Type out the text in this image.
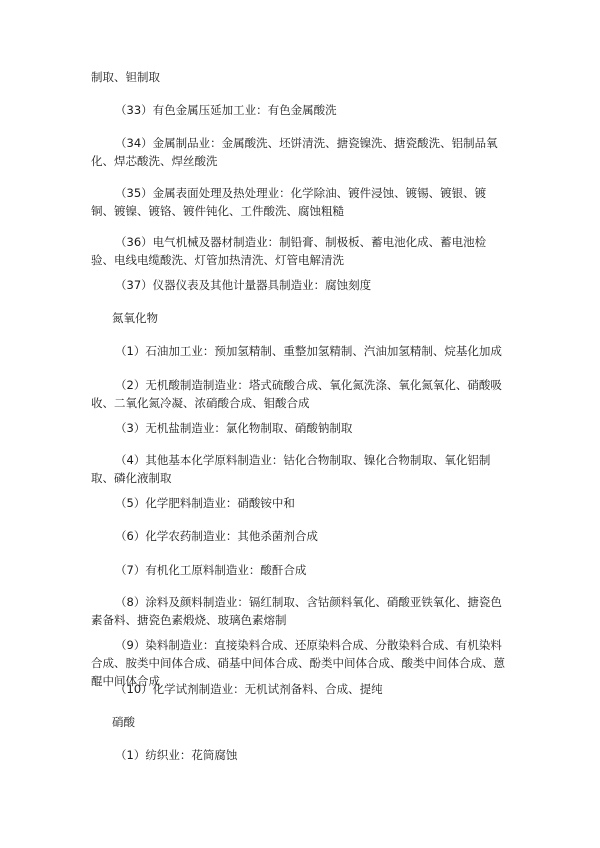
制取、钽制取
（33）有色金属压延加工业：有色金属酸洗
（34）金属制品业：金属酸洗、坯饼清洗、搪瓷镍洗、搪瓷酸洗、铝制品氧化、焊芯酸洗、焊丝酸洗
（35）金属表面处理及热处理业：化学除油、镀件浸蚀、镀锡、镀银、镀铜、镀镍、镀铬、镀件钝化、工件酸洗、腐蚀粗糙
（36）电气机械及器材制造业：制铅膏、制极板、蓄电池化成、蓄电池检验、电线电缆酸洗、灯管加热清洗、灯管电解清洗
（37）仪器仪表及其他计量器具制造业：腐蚀刻度
氮氧化物
（1）石油加工业：预加氢精制、重整加氢精制、汽油加氢精制、烷基化加成
（2）无机酸制造制造业：塔式硫酸合成、氧化氮洗涤、氧化氮氧化、硝酸吸收、二氧化氮冷凝、浓硝酸合成、钼酸合成
（3）无机盐制造业：氯化物制取、硝酸钠制取
（4）其他基本化学原料制造业：钴化合物制取、镍化合物制取、氧化铝制取、磷化液制取
（5）化学肥料制造业：硝酸铵中和
（6）化学农药制造业：其他杀菌剂合成
（7）有机化工原料制造业：酸酐合成
（8）涂料及颜料制造业：镉红制取、含钴颜料氧化、硝酸亚铁氧化、搪瓷色素备料、搪瓷色素煅烧、玻璃色素熔制
（9）染料制造业：直接染料合成、还原染料合成、分散染料合成、有机染料合成、胺类中间体合成、硝基中间体合成、酚类中间体合成、酸类中间体合成、蒽醌中间体合成
（10）化学试剂制造业：无机试剂备料、合成、提纯
硝酸
（1）纺织业：花筒腐蚀
